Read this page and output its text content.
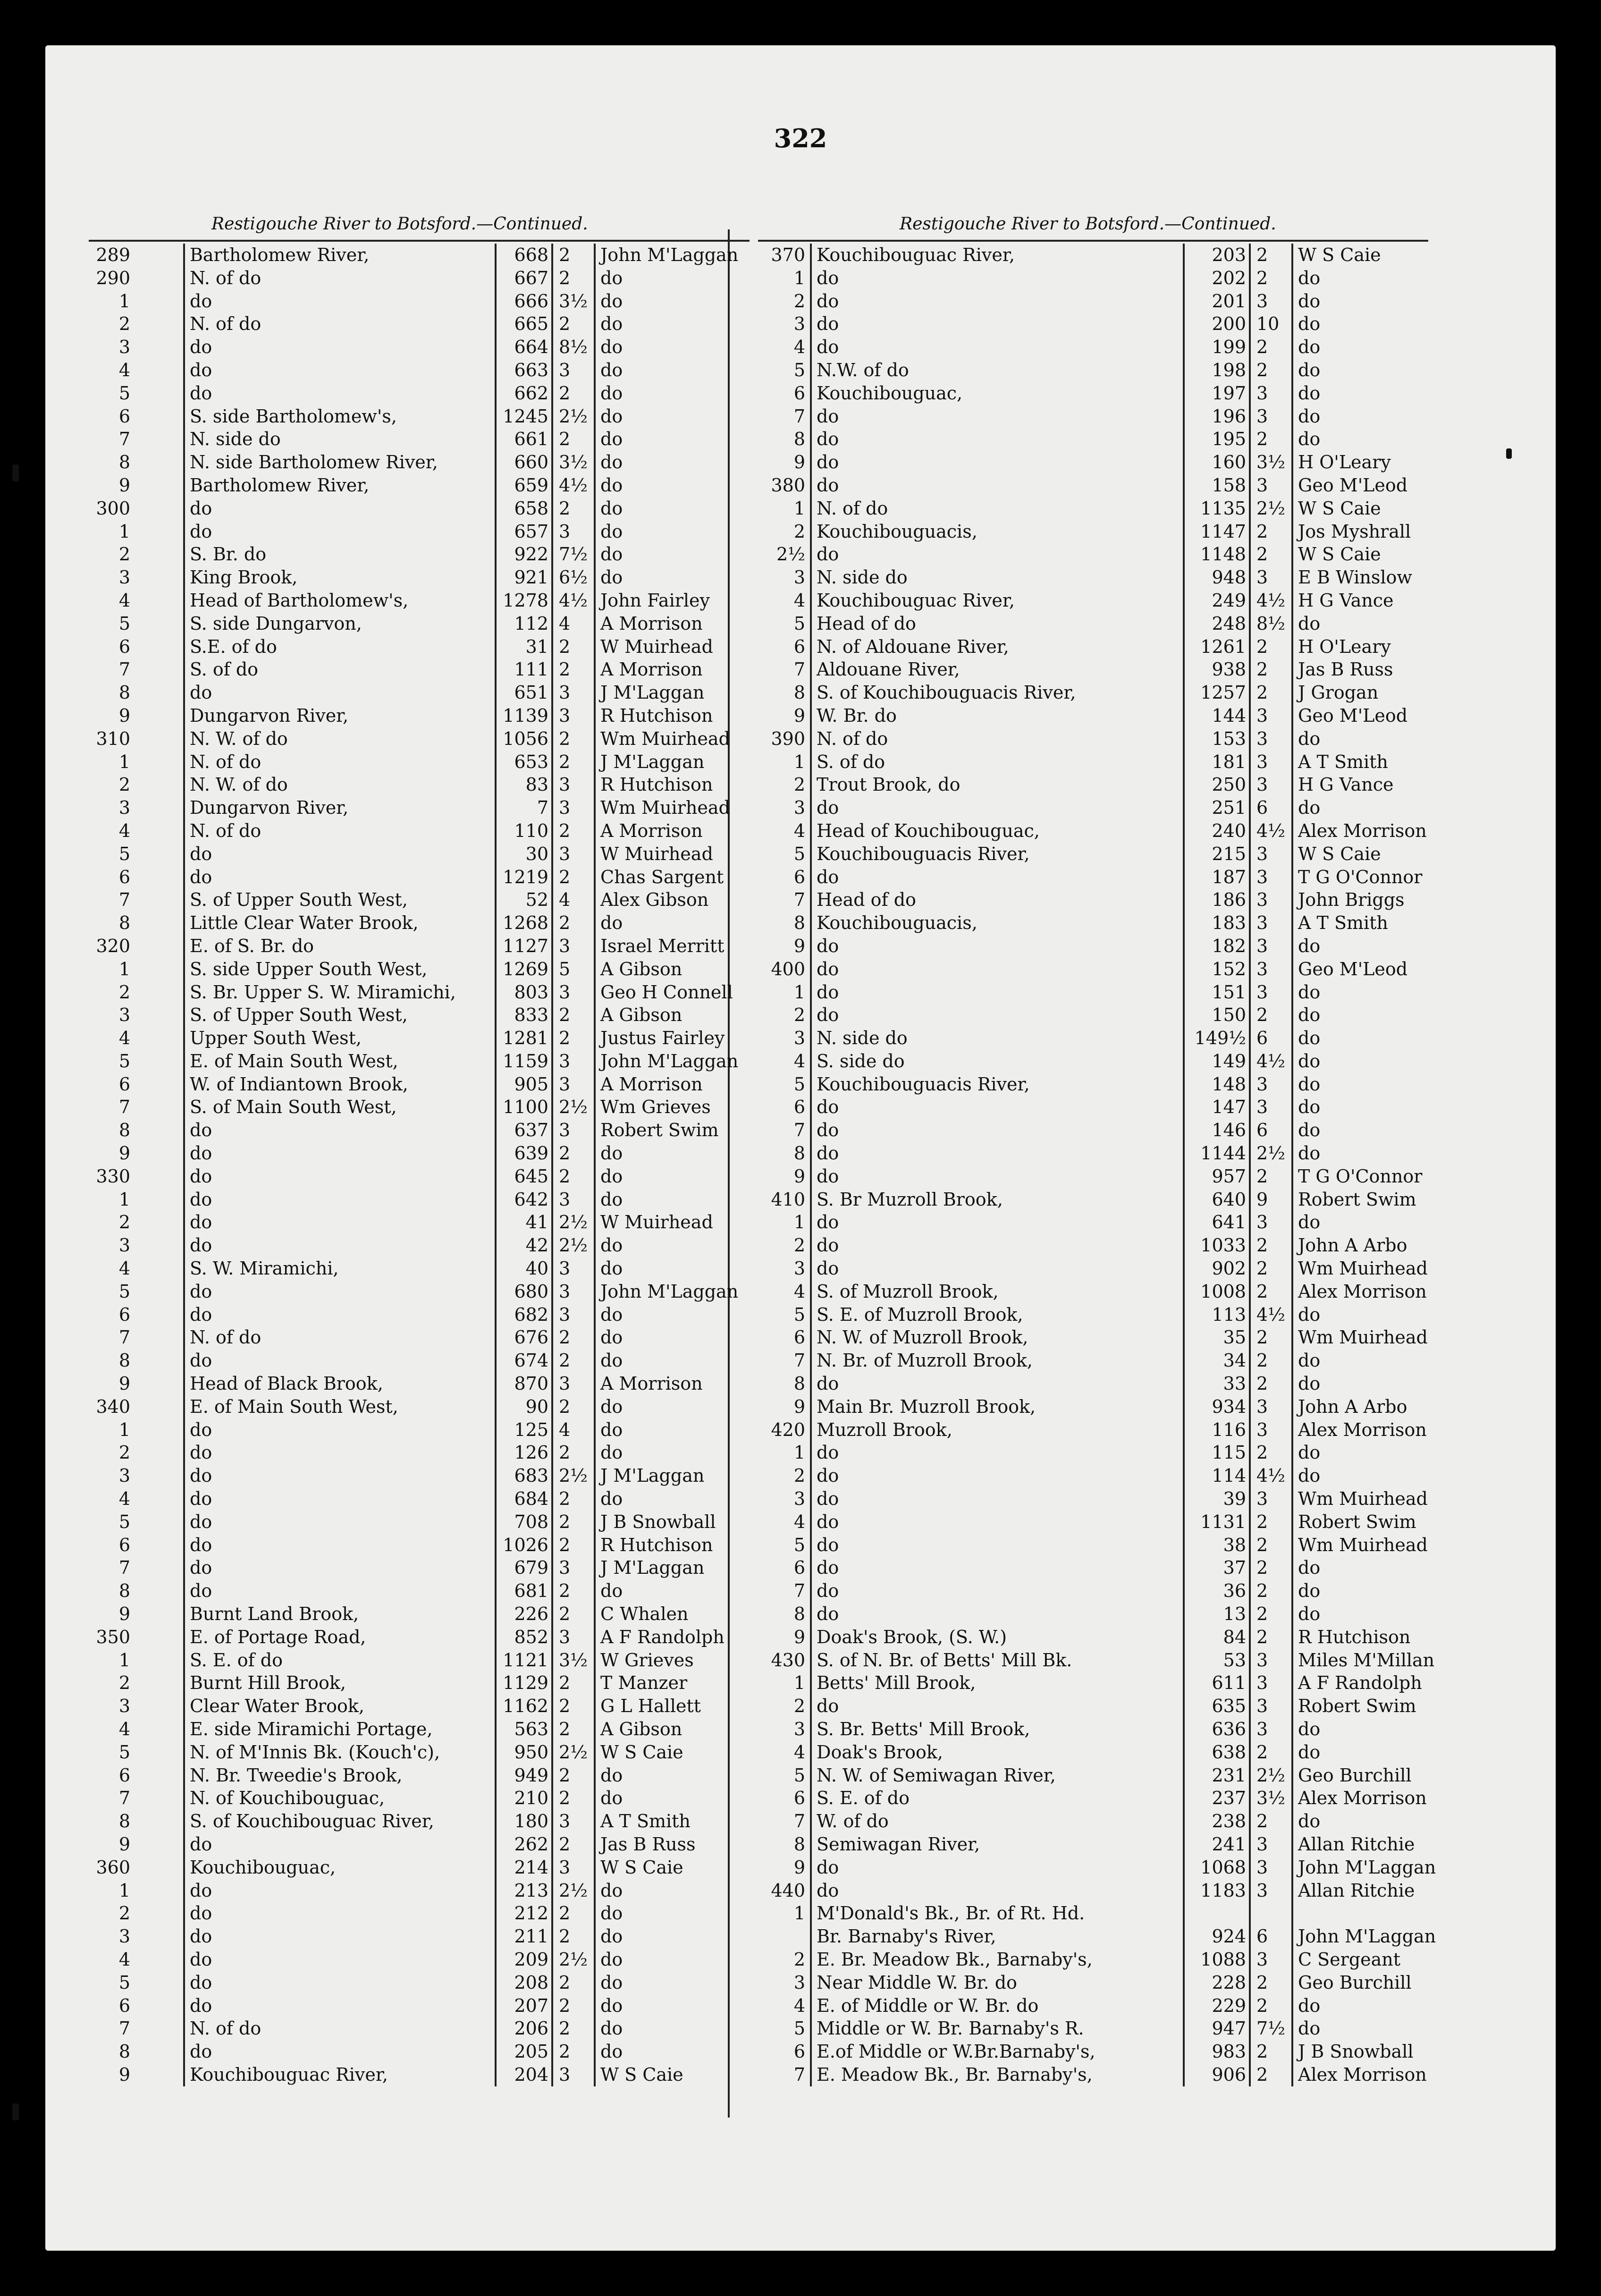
322
Restigouche River to Botsford.—Continued.
289	Bartholomew River,	668 2	John M'Laggan
290	N. of do	667 2	do
1	do	666 3½ do
2	N. of do	665 2	do
3	do	664 8½ do
4	do	663 3	do
5	do	662 2	do
6	S. side Bartholomew's,	1245 2½ do
7	N. side do	661 2	do
8	N. side Bartholomew River,	660 3½ do
9	Bartholomew River,	659 4½ do
300	do	658 2	do
1	do	657 3	do
2	S. Br. do	922 7½ do
3	King Brook,	921 6½ do
4	Head of Bartholomew's,	1278 4½ John Fairley
5	S. side Dungarvon,	112 4	A Morrison
6	S.E. of do	31 2	W Muirhead
7	S. of do	111 2	A Morrison
8	do	651 3	J M'Laggan
9	Dungarvon River,	1139 3	R Hutchison
310	N. W. of do	1056 2	Wm Muirhead
1	N. of do	653 2	J M'Laggan
2	N. W. of do	83 3	R Hutchison
3	Dungarvon River,	7 3	Wm Muirhead
4	N. of do	110 2	A Morrison
5	do	30 3	W Muirhead
6	do	1219 2	Chas Sargent
7	S. of Upper South West,	52 4	Alex Gibson
8	Little Clear Water Brook,	1268 2	do
320	E. of S. Br. do	1127 3	Israel Merritt
1	S. side Upper South West,	1269 5	A Gibson
2	S. Br. Upper S. W. Miramichi,	803 3	Geo H Connell
3	S. of Upper South West,	833 2	A Gibson
4	Upper South West,	1281 2	Justus Fairley
5	E. of Main South West,	1159 3	John M'Laggan
6	W. of Indiantown Brook,	905 3	A Morrison
7	S. of Main South West,	1100 2½ Wm Grieves
8	do	637 3	Robert Swim
9	do	639 2	do
330	do	645 2	do
1	do	642 3	do
2	do	41 2½ W Muirhead
3	do	42 2½ do
4	S. W. Miramichi,	40 3	do
5	do	680 3	John M'Laggan
6	do	682 3	do
7	N. of do	676 2	do
8	do	674 2	do
9	Head of Black Brook,	870 3	A Morrison
340	E. of Main South West,	90 2	do
1	do	125 4	do
2	do	126 2	do
3	do	683 2½ J M'Laggan
4	do	684 2	do
5	do	708 2	J B Snowball
6	do	1026 2	R Hutchison
7	do	679 3	J M'Laggan
8	do	681 2	do
9	Burnt Land Brook,	226 2	C Whalen
350	E. of Portage Road,	852 3	A F Randolph
1	S. E. of do	1121 3½ W Grieves
2	Burnt Hill Brook,	1129 2	T Manzer
3	Clear Water Brook,	1162 2	G L Hallett
4	E. side Miramichi Portage,	563 2	A Gibson
5	N. of M'Innis Bk. (Kouch'c),	950 2½ W S Caie
6	N. Br. Tweedie's Brook,	949 2	do
7	N. of Kouchibouguac,	210 2	do
8	S. of Kouchibouguac River,	180 3	A T Smith
9	do	262 2	Jas B Russ
360	Kouchibouguac,	214 3	W S Caie
1	do	213 2½ do
2	do	212 2	do
3	do	211 2	do
4	do	209 2½ do
5	do	208 2	do
6	do	207 2	do
7	N. of do	206 2	do
8	do	205 2	do
9	Kouchibouguac River,	204 3	W S Caie
Restigouche River to Botsford.—Continued.
370 Kouchibouguac River,	203 2	W S Caie
1 do	202 2	do
2 do	201 3	do
3 do	200 10	do
4 do	199 2	do
5 N.W. of do	198 2	do
6 Kouchibouguac,	197 3	do
7 do	196 3	do
8 do	195 2	do
9 do	160 3½ H O'Leary
380 do	158 3	Geo M'Leod
1 N. of do	1135 2½ W S Caie
2 Kouchibouguacis,	1147 2	Jos Myshrall
2½ do	1148 2	W S Caie
3 N. side do	948 3	E B Winslow
4 Kouchibouguac River,	249 4½ H G Vance
5 Head of do	248 8½ do
6 N. of Aldouane River,	1261 2	H O'Leary
7 Aldouane River,	938 2	Jas B Russ
8 S. of Kouchibouguacis River,	1257 2	J Grogan
9 W. Br. do	144 3	Geo M'Leod
390 N. of do	153 3	do
1 S. of do	181 3	A T Smith
2 Trout Brook, do	250 3	H G Vance
3 do	251 6	do
4 Head of Kouchibouguac,	240 4½ Alex Morrison
5 Kouchibouguacis River,	215 3	W S Caie
6 do	187 3	T G O'Connor
7 Head of do	186 3	John Briggs
8 Kouchibouguacis,	183 3	A T Smith
9 do	182 3	do
400 do	152 3	Geo M'Leod
1 do	151 3	do
2 do	150 2	do
3 N. side do	149½ 6	do
4 S. side do	149 4½ do
5 Kouchibouguacis River,	148 3	do
6 do	147 3	do
7 do	146 6	do
8 do	1144 2½ do
9 do	957 2	T G O'Connor
410 S. Br Muzroll Brook,	640 9	Robert Swim
1 do	641 3	do
2 do	1033 2	John A Arbo
3 do	902 2	Wm Muirhead
4 S. of Muzroll Brook,	1008 2	Alex Morrison
5 S. E. of Muzroll Brook,	113 4½ do
6 N. W. of Muzroll Brook,	35 2	Wm Muirhead
7 N. Br. of Muzroll Brook,	34 2	do
8 do	33 2	do
9 Main Br. Muzroll Brook,	934 3	John A Arbo
420 Muzroll Brook,	116 3	Alex Morrison
1 do	115 2	do
2 do	114 4½ do
3 do	39 3	Wm Muirhead
4 do	1131 2	Robert Swim
5 do	38 2	Wm Muirhead
6 do	37 2	do
7 do	36 2	do
8 do	13 2	do
9 Doak's Brook, (S. W.)	84 2	R Hutchison
430 S. of N. Br. of Betts' Mill Bk.	53 3	Miles M'Millan
1 Betts' Mill Brook,	611 3	A F Randolph
2 do	635 3	Robert Swim
3 S. Br. Betts' Mill Brook,	636 3	do
4 Doak's Brook,	638 2	do
5 N. W. of Semiwagan River,	231 2½ Geo Burchill
6 S. E. of do	237 3½ Alex Morrison
7 W. of do	238 2	do
8 Semiwagan River,	241 3	Allan Ritchie
9 do	1068 3	John M'Laggan
440 do	1183 3	Allan Ritchie
1 M'Donald's Bk., Br. of Rt. Hd.
Br. Barnaby's River,	924 6	John M'Laggan
2 E. Br. Meadow Bk., Barnaby's,	1088 3	C Sergeant
3 Near Middle W. Br. do	228 2	Geo Burchill
4 E. of Middle or W. Br. do	229 2	do
5 Middle or W. Br. Barnaby's R.	947 7½ do
6 E.of Middle or W.Br.Barnaby's,	983 2	J B Snowball
7 E. Meadow Bk., Br. Barnaby's,	906 2	Alex Morrison
